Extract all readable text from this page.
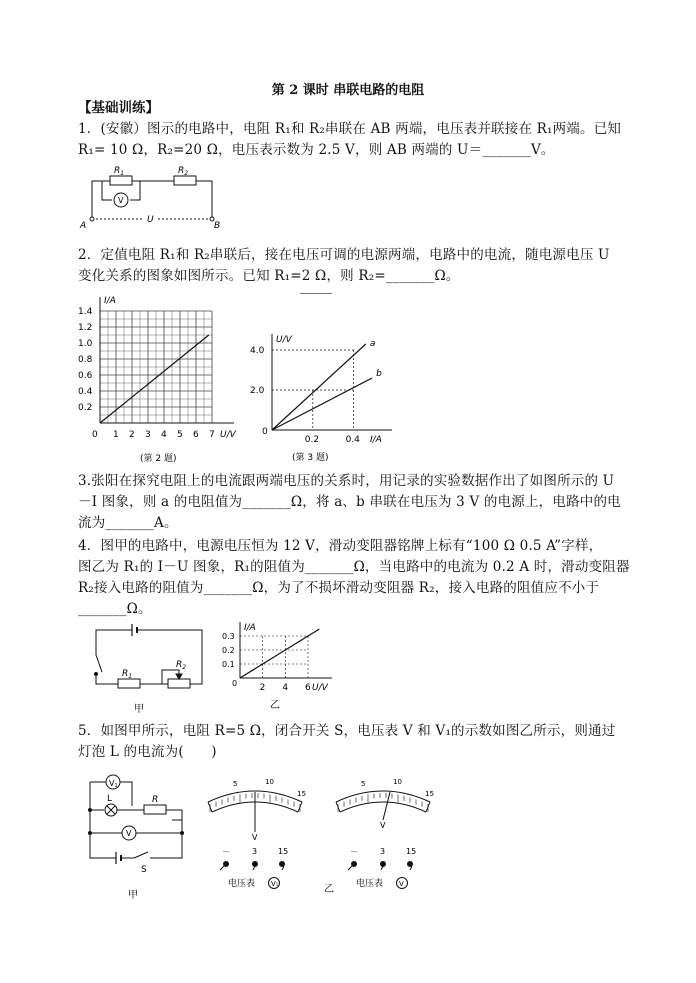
第 2 课时 串联电路的电阻
【基础训练】
1．(安徽）图示的电路中，电阻 R₁和 R₂串联在 AB 两端，电压表并联接在 R₁两端。已知
R₁= 10 Ω，R₂=20 Ω，电压表示数为 2.5 V，则 AB 两端的 U＝_______V。
$R_1$	$R_2$
V
A	B
U
2．定值电阻 R₁和 R₂串联后，接在电压可调的电源两端，电路中的电流，随电源电压 U
变化关系的图象如图所示。已知 R₁=2 Ω，则 R₂=_______Ω。
I/A
U/V
0 1 2 3 4 5 6 7
0.2
0.4
0.6
0.8
1.0
1.2
1.4
(第 2 题)
U/V
I/A
0
0.2	0.4
2.0
4.0
a
b
(第 3 题)
3.张阳在探究电阻上的电流跟两端电压的关系时，用记录的实验数据作出了如图所示的 U
－I 图象，则 a 的电阻值为_______Ω，将 a、b 串联在电压为 3 V 的电源上，电路中的电
流为_______A。
4．图甲的电路中，电源电压恒为 12 V，滑动变阻器铭牌上标有“100 Ω 0.5 A”字样，
图乙为 R₁的 I－U 图象，R₁的阻值为_______Ω，当电路中的电流为 0.2 A 时，滑动变阻器
R₂接入电路的阻值为_______Ω，为了不损坏滑动变阻器 R₂，接入电路的阻值应不小于
_______Ω。
$R_1$
$R_2$
甲
I/A
U/V
0	2 4 6
0.1
0.2
0.3
乙
5．如图甲所示，电阻 R=5 Ω，闭合开关 S，电压表 V 和 V₁的示数如图乙所示，则通过
灯泡 L 的电流为(　　)
V1
L	R
V
S
甲
5	10
15
V
－	3	15
电压表 V1
5	10
15
V
－	3	15
电压表 V
乙
